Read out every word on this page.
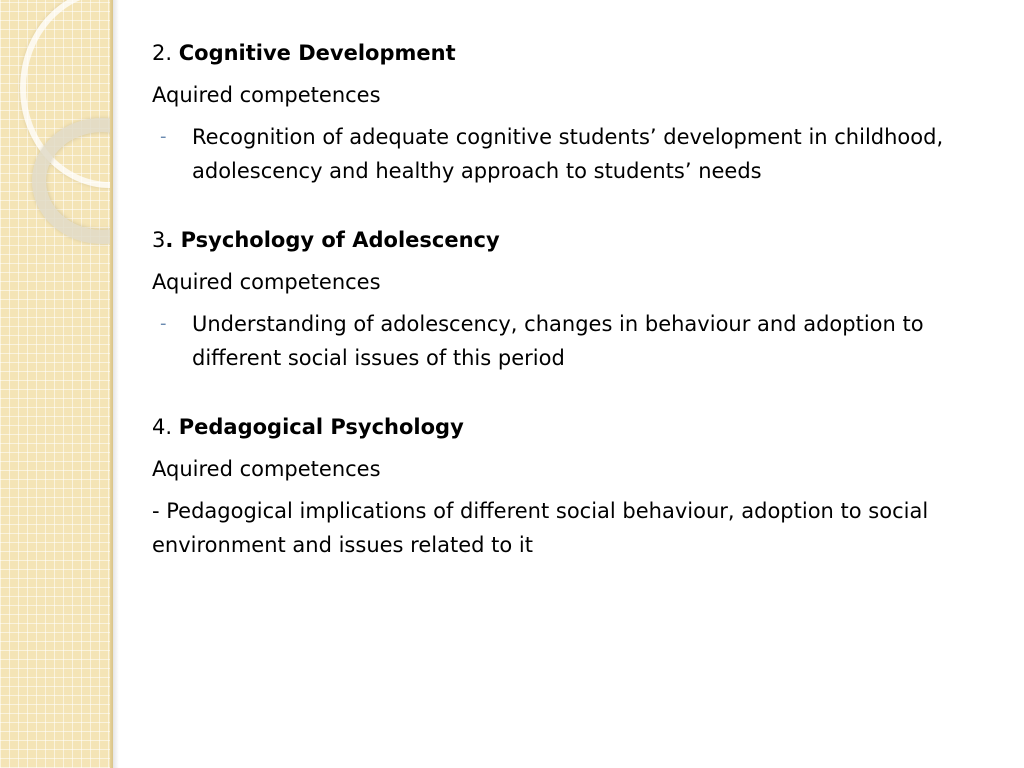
2. Cognitive Development

Aquired competences

- Recognition of adequate cognitive students’ development in childhood, adolescency and healthy approach to students’ needs

3. Psychology of Adolescency

Aquired competences

- Understanding of adolescency, changes in behaviour and adoption to different social issues of this period

4. Pedagogical Psychology

Aquired competences

- Pedagogical implications of different social behaviour, adoption to social environment and issues related to it
